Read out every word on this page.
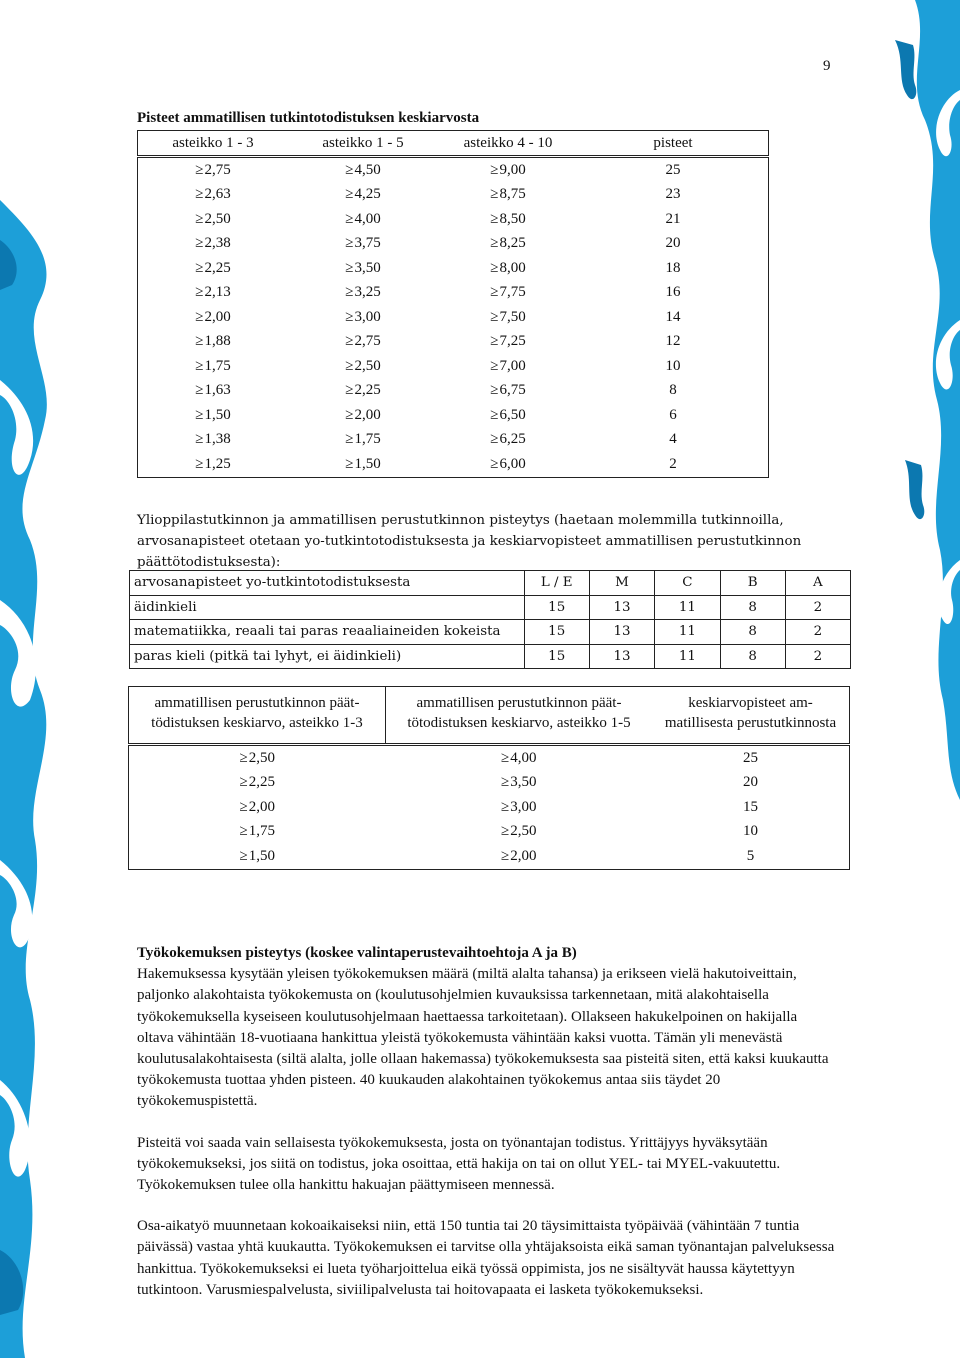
9
Pisteet ammatillisen tutkintotodistuksen keskiarvosta
asteikko 1 - 3	asteikko 1 - 5	asteikko 4 - 10	pisteet
≥2,75	≥4,50	≥9,00	25
≥2,63	≥4,25	≥8,75	23
≥2,50	≥4,00	≥8,50	21
≥2,38	≥3,75	≥8,25	20
≥2,25	≥3,50	≥8,00	18
≥2,13	≥3,25	≥7,75	16
≥2,00	≥3,00	≥7,50	14
≥1,88	≥2,75	≥7,25	12
≥1,75	≥2,50	≥7,00	10
≥1,63	≥2,25	≥6,75	8
≥1,50	≥2,00	≥6,50	6
≥1,38	≥1,75	≥6,25	4
≥1,25	≥1,50	≥6,00	2
Ylioppilastutkinnon ja ammatillisen perustutkinnon pisteytys (haetaan molemmilla tutkinnoilla, arvosanapisteet otetaan yo-tutkintotodistuksesta ja keskiarvopisteet ammatillisen perustutkinnon päättötodistuksesta):
arvosanapisteet yo-tutkintotodistuksesta	L / E	M	C	B	A
äidinkieli	15	13	11	8	2
matematiikka, reaali tai paras reaaliaineiden kokeista	15	13	11	8	2
paras kieli (pitkä tai lyhyt, ei äidinkieli)	15	13	11	8	2
ammatillisen perustutkinnon päättödistuksen keskiarvo, asteikko 1-3	ammatillisen perustutkinnon päättötodistuksen keskiarvo, asteikko 1-5	keskiarvopisteet ammatillisesta perustutkinnosta
≥2,50	≥4,00	25
≥2,25	≥3,50	20
≥2,00	≥3,00	15
≥1,75	≥2,50	10
≥1,50	≥2,00	5
Työkokemuksen pisteytys (koskee valintaperustevaihtoehtoja A ja B)

Hakemuksessa kysytään yleisen työkokemuksen määrä (miltä alalta tahansa) ja erikseen vielä hakutoiveittain, paljonko alakohtaista työkokemusta on (koulutusohjelmien kuvauksissa tarkennetaan, mitä alakohtaisella työkokemuksella kyseiseen koulutusohjelmaan haettaessa tarkoitetaan). Ollakseen hakukelpoinen on hakijalla oltava vähintään 18-vuotiaana hankittua yleistä työkokemusta vähintään kaksi vuotta. Tämän yli menevästä koulutusalakohtaisesta (siltä alalta, jolle ollaan hakemassa) työkokemuksesta saa pisteitä siten, että kaksi kuukautta työkokemusta tuottaa yhden pisteen. 40 kuukauden alakohtainen työkokemus antaa siis täydet 20 työkokemuspistettä.

Pisteitä voi saada vain sellaisesta työkokemuksesta, josta on työnantajan todistus. Yrittäjyys hyväksytään työkokemukseksi, jos siitä on todistus, joka osoittaa, että hakija on tai on ollut YEL- tai MYEL-vakuutettu. Työkokemuksen tulee olla hankittu hakuajan päättymiseen mennessä.

Osa-aikatyö muunnetaan kokoaikaiseksi niin, että 150 tuntia tai 20 täysimittaista työpäivää (vähintään 7 tuntia päivässä) vastaa yhtä kuukautta. Työkokemuksen ei tarvitse olla yhtäjaksoista eikä saman työnantajan palveluksessa hankittua. Työkokemukseksi ei lueta työharjoittelua eikä työssä oppimista, jos ne sisältyvät haussa käytettyyn tutkintoon. Varusmiespalvelusta, siviilipalvelusta tai hoitovapaata ei lasketa työkokemukseksi.
